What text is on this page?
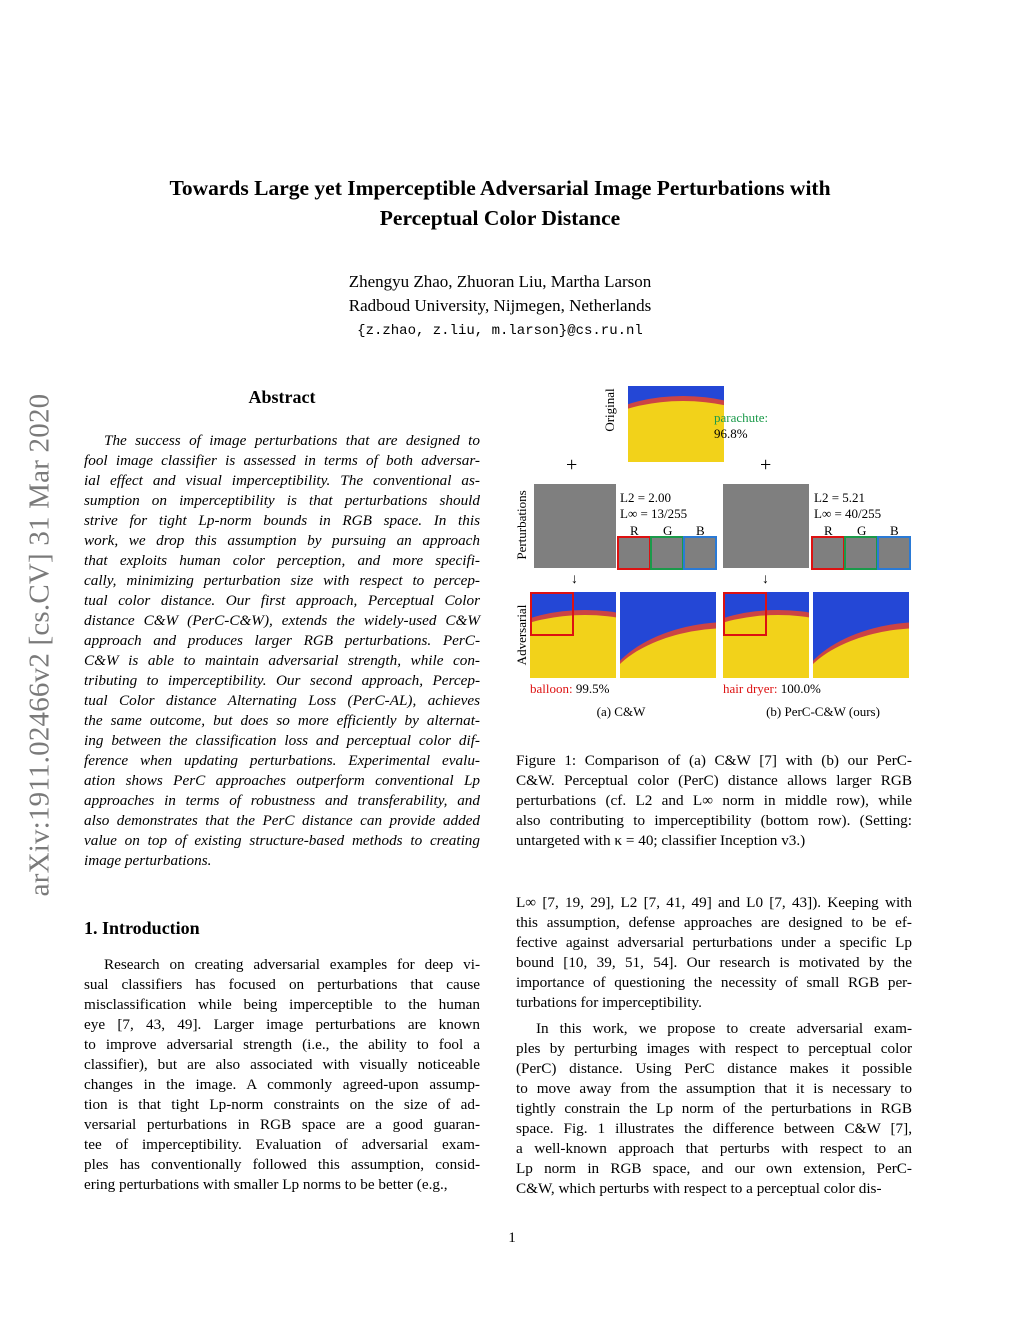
arXiv:1911.02466v2 [cs.CV] 31 Mar 2020
Towards Large yet Imperceptible Adversarial Image Perturbations with
Perceptual Color Distance
Zhengyu Zhao, Zhuoran Liu, Martha Larson
Radboud University, Nijmegen, Netherlands
{z.zhao, z.liu, m.larson}@cs.ru.nl
Abstract
The success of image perturbations that are designed to
fool image classifier is assessed in terms of both adversar-
ial effect and visual imperceptibility. The conventional as-
sumption on imperceptibility is that perturbations should
strive for tight Lp-norm bounds in RGB space. In this
work, we drop this assumption by pursuing an approach
that exploits human color perception, and more specifi-
cally, minimizing perturbation size with respect to percep-
tual color distance. Our first approach, Perceptual Color
distance C&W (PerC-C&W), extends the widely-used C&W
approach and produces larger RGB perturbations. PerC-
C&W is able to maintain adversarial strength, while con-
tributing to imperceptibility. Our second approach, Percep-
tual Color distance Alternating Loss (PerC-AL), achieves
the same outcome, but does so more efficiently by alternat-
ing between the classification loss and perceptual color dif-
ference when updating perturbations. Experimental evalu-
ation shows PerC approaches outperform conventional Lp
approaches in terms of robustness and transferability, and
also demonstrates that the PerC distance can provide added
value on top of existing structure-based methods to creating
image perturbations.
1. Introduction
Research on creating adversarial examples for deep vi-
sual classifiers has focused on perturbations that cause
misclassification while being imperceptible to the human
eye [7, 43, 49]. Larger image perturbations are known
to improve adversarial strength (i.e., the ability to fool a
classifier), but are also associated with visually noticeable
changes in the image. A commonly agreed-upon assump-
tion is that tight Lp-norm constraints on the size of ad-
versarial perturbations in RGB space are a good guaran-
tee of imperceptibility. Evaluation of adversarial exam-
ples has conventionally followed this assumption, consid-
ering perturbations with smaller Lp norms to be better (e.g.,
Original	parachute:
96.8%
+	+
Perturbations	L2 = 2.00
L∞ = 13/255
R G B
L2 = 5.21
L∞ = 40/255
R G B
↓	↓
Adversarial
balloon: 99.5%	hair dryer: 100.0%
(a) C&W	(b) PerC-C&W (ours)
Figure 1: Comparison of (a) C&W [7] with (b) our PerC-
C&W. Perceptual color (PerC) distance allows larger RGB
perturbations (cf. L2 and L∞ norm in middle row), while
also contributing to imperceptibility (bottom row). (Setting:
untargeted with κ = 40; classifier Inception v3.)
L∞ [7, 19, 29], L2 [7, 41, 49] and L0 [7, 43]). Keeping with
this assumption, defense approaches are designed to be ef-
fective against adversarial perturbations under a specific Lp
bound [10, 39, 51, 54]. Our research is motivated by the
importance of questioning the necessity of small RGB per-
turbations for imperceptibility.
In this work, we propose to create adversarial exam-
ples by perturbing images with respect to perceptual color
(PerC) distance. Using PerC distance makes it possible
to move away from the assumption that it is necessary to
tightly constrain the Lp norm of the perturbations in RGB
space. Fig. 1 illustrates the difference between C&W [7],
a well-known approach that perturbs with respect to an
Lp norm in RGB space, and our own extension, PerC-
C&W, which perturbs with respect to a perceptual color dis-
1
